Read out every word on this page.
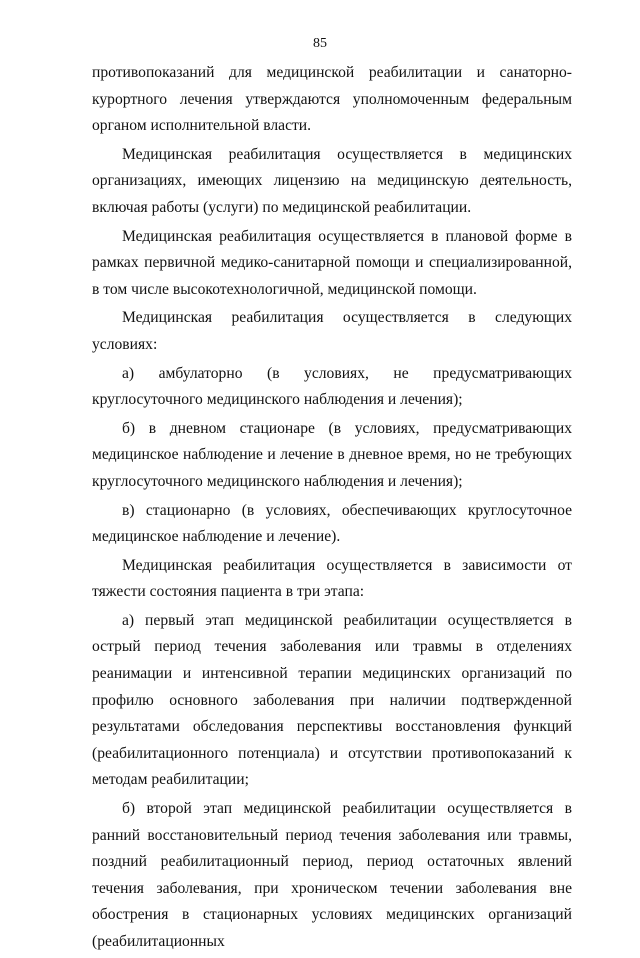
85

противопоказаний для медицинской реабилитации и санаторно-курортного лечения утверждаются уполномоченным федеральным органом исполнительной власти.

Медицинская реабилитация осуществляется в медицинских организациях, имеющих лицензию на медицинскую деятельность, включая работы (услуги) по медицинской реабилитации.

Медицинская реабилитация осуществляется в плановой форме в рамках первичной медико-санитарной помощи и специализированной, в том числе высокотехнологичной, медицинской помощи.

Медицинская реабилитация осуществляется в следующих условиях:

а) амбулаторно (в условиях, не предусматривающих круглосуточного медицинского наблюдения и лечения);

б) в дневном стационаре (в условиях, предусматривающих медицинское наблюдение и лечение в дневное время, но не требующих круглосуточного медицинского наблюдения и лечения);

в) стационарно (в условиях, обеспечивающих круглосуточное медицинское наблюдение и лечение).

Медицинская реабилитация осуществляется в зависимости от тяжести состояния пациента в три этапа:

а) первый этап медицинской реабилитации осуществляется в острый период течения заболевания или травмы в отделениях реанимации и интенсивной терапии медицинских организаций по профилю основного заболевания при наличии подтвержденной результатами обследования перспективы восстановления функций (реабилитационного потенциала) и отсутствии противопоказаний к методам реабилитации;

б) второй этап медицинской реабилитации осуществляется в ранний восстановительный период течения заболевания или травмы, поздний реабилитационный период, период остаточных явлений течения заболевания, при хроническом течении заболевания вне обострения в стационарных условиях медицинских организаций (реабилитационных
